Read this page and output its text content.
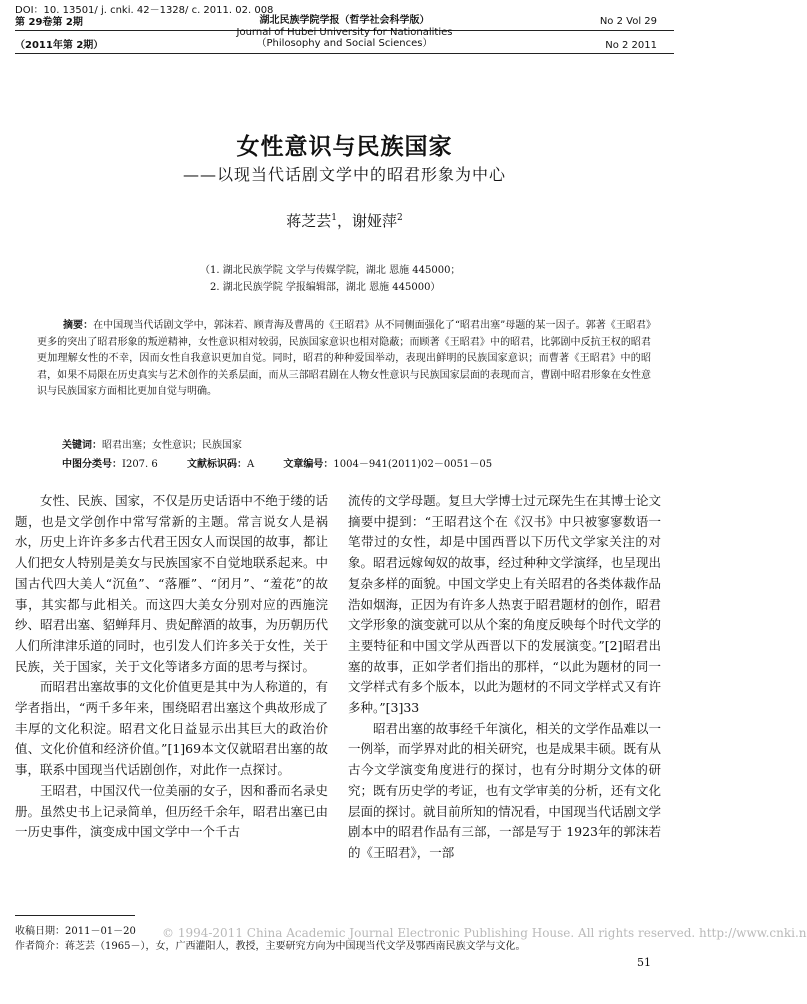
DOI：10. 13501/ j. cnki. 42－1328/ c. 2011. 02. 008
第 29卷第 2期
（2011年第 2期）
湖北民族学院学报（哲学社会科学版）
Journal of Hubei University for Nationalities
（Philosophy and Social Sciences）
No 2 Vol 29
No 2 2011
女性意识与民族国家
——以现当代话剧文学中的昭君形象为中心
蒋芝芸$^1$，谢娅萍$^2$
（1. 湖北民族学院 文学与传媒学院，湖北 恩施 445000；
2. 湖北民族学院 学报编辑部，湖北 恩施 445000）
摘要：在中国现当代话剧文学中，郭沫若、顾青海及曹禺的《王昭君》从不同侧面强化了“昭君出塞”母题的某一因子。郭著《王昭君》更多的突出了昭君形象的叛逆精神，女性意识相对较弱，民族国家意识也相对隐蔽；而顾著《王昭君》中的昭君，比郭剧中反抗王权的昭君更加理解女性的不幸，因而女性自我意识更加自觉。同时，昭君的种种爱国举动，表现出鲜明的民族国家意识；而曹著《王昭君》中的昭君，如果不局限在历史真实与艺术创作的关系层面，而从三部昭君剧在人物女性意识与民族国家层面的表现而言，曹剧中昭君形象在女性意识与民族国家方面相比更加自觉与明确。
关键词：昭君出塞；女性意识；民族国家
中图分类号：I207. 6	文献标识码：A	文章编号：1004－941(2011)02－0051－05

女性、民族、国家，不仅是历史话语中不绝于缕的话题，也是文学创作中常写常新的主题。常言说女人是祸水，历史上许许多多古代君王因女人而误国的故事，都让人们把女人特别是美女与民族国家不自觉地联系起来。中国古代四大美人“沉鱼”、“落雁”、“闭月”、“羞花”的故事，其实都与此相关。而这四大美女分别对应的西施浣纱、昭君出塞、貂蝉拜月、贵妃醉酒的故事，为历朝历代人们所津津乐道的同时，也引发人们许多关于女性，关于民族，关于国家，关于文化等诸多方面的思考与探讨。

而昭君出塞故事的文化价值更是其中为人称道的，有学者指出，“两千多年来，围绕昭君出塞这个典故形成了丰厚的文化积淀。昭君文化日益显示出其巨大的政治价值、文化价值和经济价值。”[1]69本文仅就昭君出塞的故事，联系中国现当代话剧创作，对此作一点探讨。

王昭君，中国汉代一位美丽的女子，因和番而名录史册。虽然史书上记录简单，但历经千余年，昭君出塞已由一历史事件，演变成中国文学中一个千古

流传的文学母题。复旦大学博士过元琛先生在其博士论文摘要中提到：“王昭君这个在《汉书》中只被寥寥数语一笔带过的女性，却是中国西晋以下历代文学家关注的对象。昭君远嫁匈奴的故事，经过种种文学演绎，也呈现出复杂多样的面貌。中国文学史上有关昭君的各类体裁作品浩如烟海，正因为有许多人热衷于昭君题材的创作，昭君文学形象的演变就可以从个案的角度反映每个时代文学的主要特征和中国文学从西晋以下的发展演变。”[2]昭君出塞的故事，正如学者们指出的那样，“以此为题材的同一文学样式有多个版本，以此为题材的不同文学样式又有许多种。”[3]33

昭君出塞的故事经千年演化，相关的文学作品难以一一例举，而学界对此的相关研究，也是成果丰硕。既有从古今文学演变角度进行的探讨，也有分时期分文体的研究；既有历史学的考证，也有文学审美的分析，还有文化层面的探讨。就目前所知的情况看，中国现当代话剧文学剧本中的昭君作品有三部，一部是写于 1923年的郭沫若的《王昭君》，一部

收稿日期：2011－01－20
作者简介：蒋芝芸（1965－），女，广西灌阳人，教授，主要研究方向为中国现当代文学及鄂西南民族文学与文化。
© 1994-2011 China Academic Journal Electronic Publishing House. All rights reserved. http://www.cnki.n
51
